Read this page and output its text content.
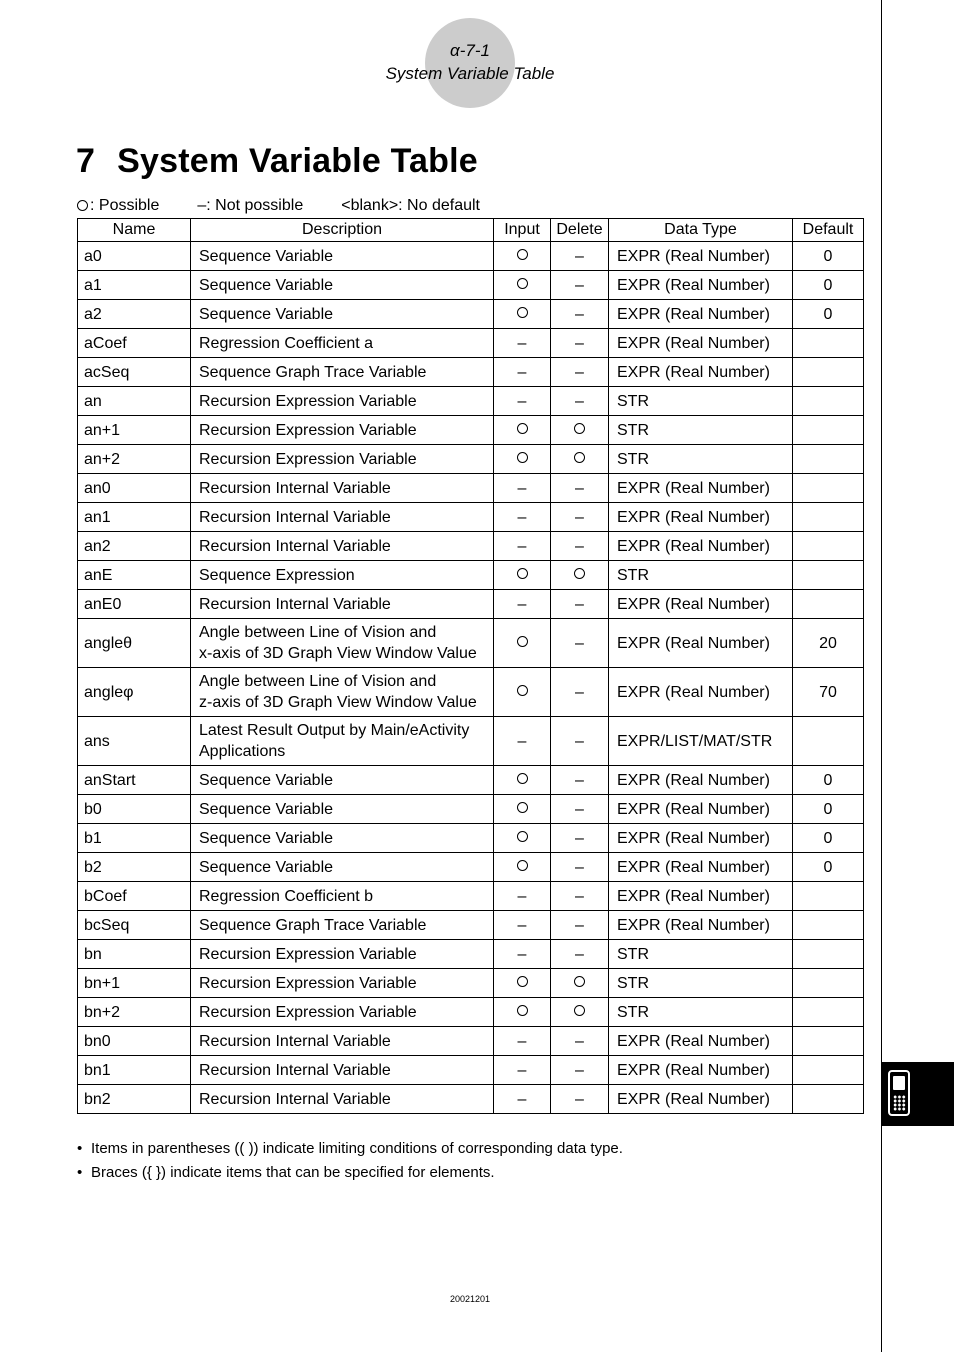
α-7-1
System Variable Table
7 System Variable Table
: Possible –: Not possible <blank>: No default
Name	Description	Input	Delete	Data Type	Default
a0	Sequence Variable		–	EXPR (Real Number)	0
a1	Sequence Variable		–	EXPR (Real Number)	0
a2	Sequence Variable		–	EXPR (Real Number)	0
aCoef	Regression Coefficient a	–	–	EXPR (Real Number)	
acSeq	Sequence Graph Trace Variable	–	–	EXPR (Real Number)	
an	Recursion Expression Variable	–	–	STR	
an+1	Recursion Expression Variable			STR	
an+2	Recursion Expression Variable			STR	
an0	Recursion Internal Variable	–	–	EXPR (Real Number)	
an1	Recursion Internal Variable	–	–	EXPR (Real Number)	
an2	Recursion Internal Variable	–	–	EXPR (Real Number)	
anE	Sequence Expression			STR	
anE0	Recursion Internal Variable	–	–	EXPR (Real Number)	
angleθ	Angle between Line of Vision and
x-axis of 3D Graph View Window Value		–	EXPR (Real Number)	20
angleφ	Angle between Line of Vision and
z-axis of 3D Graph View Window Value		–	EXPR (Real Number)	70
ans	Latest Result Output by Main/eActivity
Applications	–	–	EXPR/LIST/MAT/STR	
anStart	Sequence Variable		–	EXPR (Real Number)	0
b0	Sequence Variable		–	EXPR (Real Number)	0
b1	Sequence Variable		–	EXPR (Real Number)	0
b2	Sequence Variable		–	EXPR (Real Number)	0
bCoef	Regression Coefficient b	–	–	EXPR (Real Number)	
bcSeq	Sequence Graph Trace Variable	–	–	EXPR (Real Number)	
bn	Recursion Expression Variable	–	–	STR	
bn+1	Recursion Expression Variable			STR	
bn+2	Recursion Expression Variable			STR	
bn0	Recursion Internal Variable	–	–	EXPR (Real Number)	
bn1	Recursion Internal Variable	–	–	EXPR (Real Number)	
bn2	Recursion Internal Variable	–	–	EXPR (Real Number)	
• Items in parentheses (( )) indicate limiting conditions of corresponding data type.
• Braces ({ }) indicate items that can be specified for elements.
20021201
